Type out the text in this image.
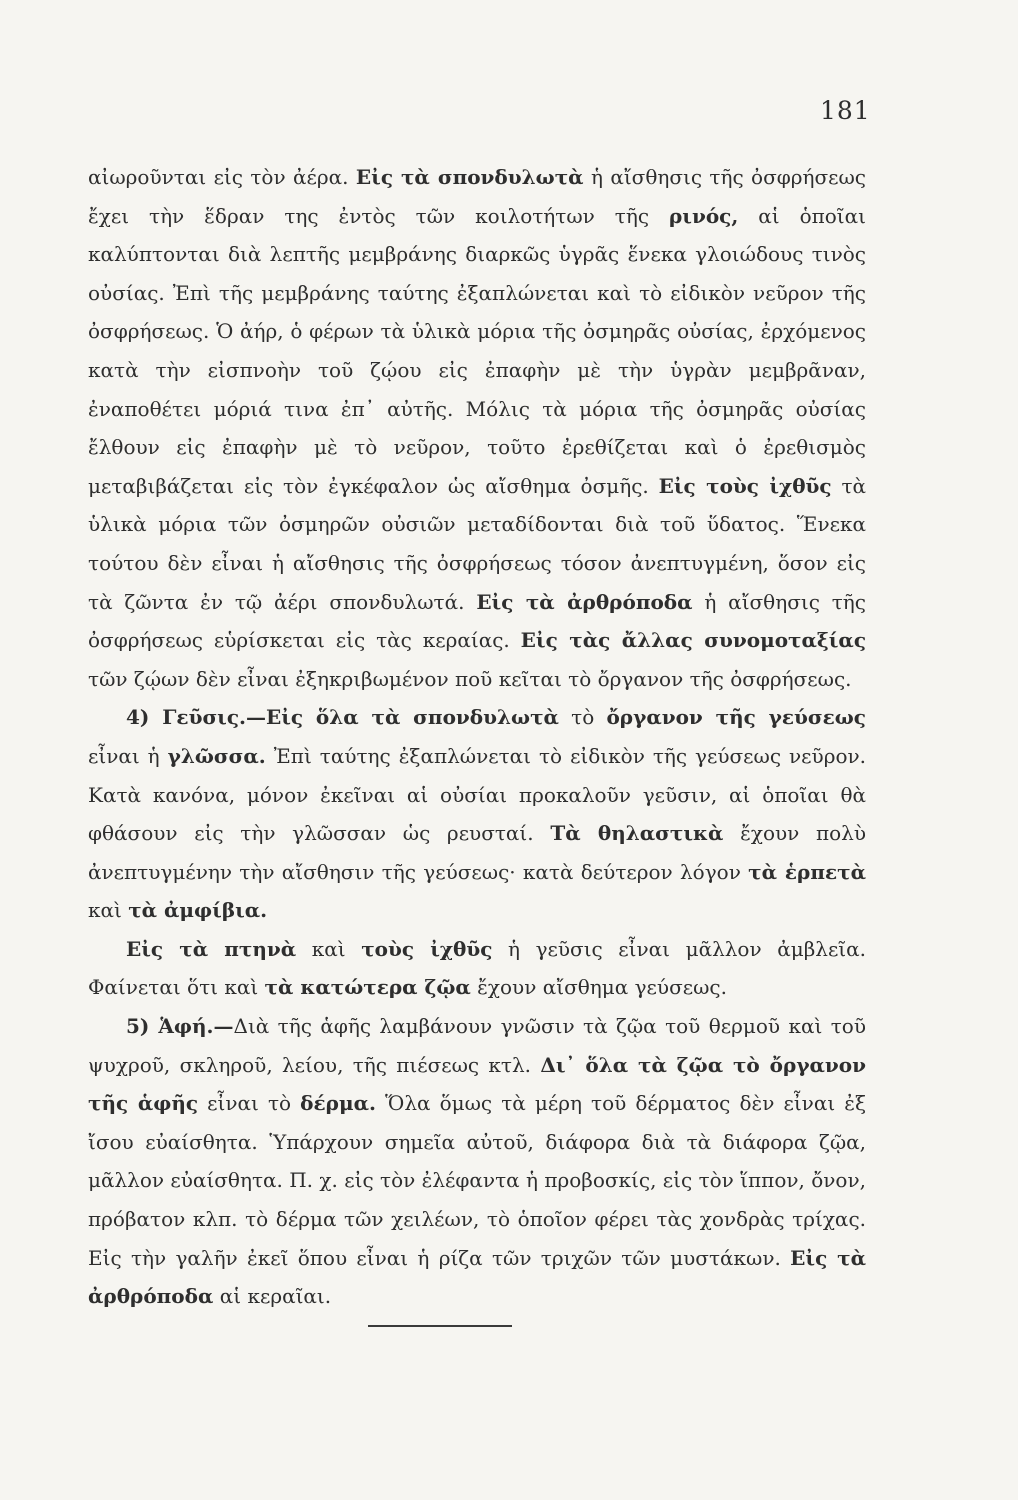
181

αἰωροῦνται εἰς τὸν ἀέρα. Εἰς τὰ σπονδυλωτὰ ἡ αἴσθησις τῆς ὀσφρήσεως ἔχει τὴν ἕδραν της ἐντὸς τῶν κοιλοτήτων τῆς ρινός, αἱ ὁποῖαι καλύπτονται διὰ λεπτῆς μεμβράνης διαρκῶς ὑγρᾶς ἕνεκα γλοιώδους τινὸς οὐσίας. Ἐπὶ τῆς μεμβράνης ταύτης ἐξαπλώνεται καὶ τὸ εἰδικὸν νεῦρον τῆς ὀσφρήσεως. Ὁ ἀήρ, ὁ φέρων τὰ ὑλικὰ μόρια τῆς ὀσμηρᾶς οὐσίας, ἐρχόμενος κατὰ τὴν εἰσπνοὴν τοῦ ζῴου εἰς ἐπαφὴν μὲ τὴν ὑγρὰν μεμβρᾶναν, ἐναποθέτει μόριά τινα ἐπ᾿ αὐτῆς. Μόλις τὰ μόρια τῆς ὀσμηρᾶς οὐσίας ἔλθουν εἰς ἐπαφὴν μὲ τὸ νεῦρον, τοῦτο ἐρεθίζεται καὶ ὁ ἐρεθισμὸς μεταβιβάζεται εἰς τὸν ἐγκέφαλον ὡς αἴσθημα ὀσμῆς. Εἰς τοὺς ἰχθῦς τὰ ὑλικὰ μόρια τῶν ὀσμηρῶν οὐσιῶν μεταδίδονται διὰ τοῦ ὕδατος. Ἕνεκα τούτου δὲν εἶναι ἡ αἴσθησις τῆς ὀσφρήσεως τόσον ἀνεπτυγμένη, ὅσον εἰς τὰ ζῶντα ἐν τῷ ἀέρι σπονδυλωτά. Εἰς τὰ ἀρθρόποδα ἡ αἴσθησις τῆς ὀσφρήσεως εὑρίσκεται εἰς τὰς κεραίας. Εἰς τὰς ἄλλας συνομοταξίας τῶν ζῴων δὲν εἶναι ἐξηκριβωμένον ποῦ κεῖται τὸ ὄργανον τῆς ὀσφρήσεως.

4) Γεῦσις.—Εἰς ὅλα τὰ σπονδυλωτὰ τὸ ὄργανον τῆς γεύσεως εἶναι ἡ γλῶσσα. Ἐπὶ ταύτης ἐξαπλώνεται τὸ εἰδικὸν τῆς γεύσεως νεῦρον. Κατὰ κανόνα, μόνον ἐκεῖναι αἱ οὐσίαι προκαλοῦν γεῦσιν, αἱ ὁποῖαι θὰ φθάσουν εἰς τὴν γλῶσσαν ὡς ρευσταί. Τὰ θηλαστικὰ ἔχουν πολὺ ἀνεπτυγμένην τὴν αἴσθησιν τῆς γεύσεως· κατὰ δεύτερον λόγον τὰ ἑρπετὰ καὶ τὰ ἀμφίβια.

Εἰς τὰ πτηνὰ καὶ τοὺς ἰχθῦς ἡ γεῦσις εἶναι μᾶλλον ἀμβλεῖα. Φαίνεται ὅτι καὶ τὰ κατώτερα ζῷα ἔχουν αἴσθημα γεύσεως.

5) Ἁφή.—Διὰ τῆς ἁφῆς λαμβάνουν γνῶσιν τὰ ζῷα τοῦ θερμοῦ καὶ τοῦ ψυχροῦ, σκληροῦ, λείου, τῆς πιέσεως κτλ. Δι᾿ ὅλα τὰ ζῷα τὸ ὄργανον τῆς ἁφῆς εἶναι τὸ δέρμα. Ὅλα ὅμως τὰ μέρη τοῦ δέρματος δὲν εἶναι ἐξ ἴσου εὐαίσθητα. Ὑπάρχουν σημεῖα αὐτοῦ, διάφορα διὰ τὰ διάφορα ζῷα, μᾶλλον εὐαίσθητα. Π. χ. εἰς τὸν ἐλέφαντα ἡ προβοσκίς, εἰς τὸν ἵππον, ὄνον, πρόβατον κλπ. τὸ δέρμα τῶν χειλέων, τὸ ὁποῖον φέρει τὰς χονδρὰς τρίχας. Εἰς τὴν γαλῆν ἐκεῖ ὅπου εἶναι ἡ ρίζα τῶν τριχῶν τῶν μυστάκων. Εἰς τὰ ἀρθρόποδα αἱ κεραῖαι.
